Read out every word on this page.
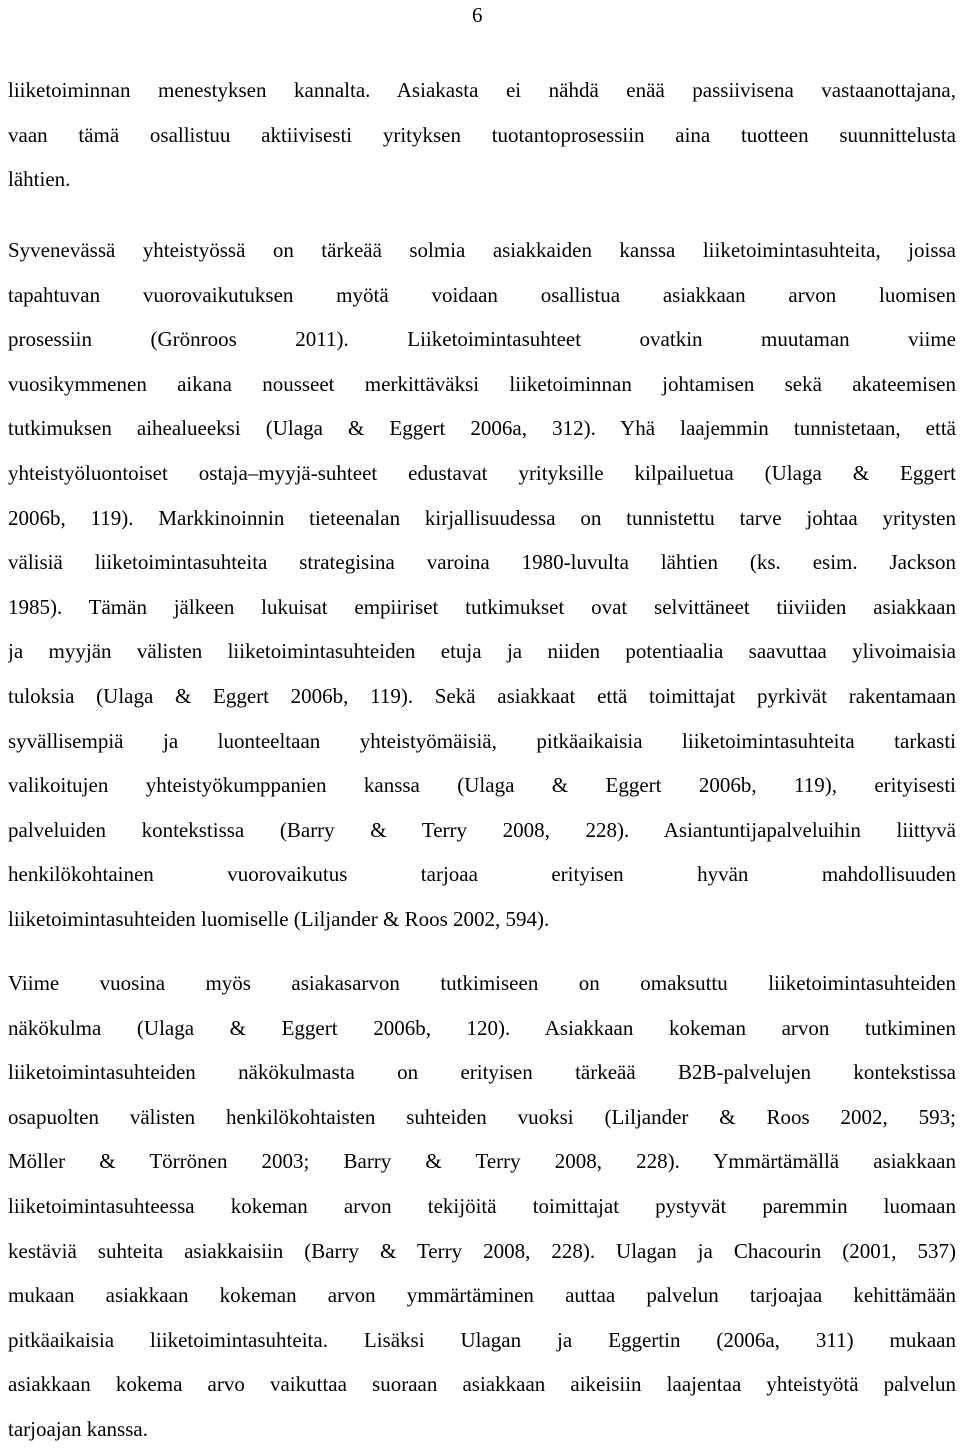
6
liiketoiminnan menestyksen kannalta. Asiakasta ei nähdä enää passiivisena vastaanottajana,
vaan tämä osallistuu aktiivisesti yrityksen tuotantoprosessiin aina tuotteen suunnittelusta
lähtien.
Syvenevässä yhteistyössä on tärkeää solmia asiakkaiden kanssa liiketoimintasuhteita, joissa
tapahtuvan vuorovaikutuksen myötä voidaan osallistua asiakkaan arvon luomisen
prosessiin (Grönroos 2011). Liiketoimintasuhteet ovatkin muutaman viime
vuosikymmenen aikana nousseet merkittäväksi liiketoiminnan johtamisen sekä akateemisen
tutkimuksen aihealueeksi (Ulaga & Eggert 2006a, 312). Yhä laajemmin tunnistetaan, että
yhteistyöluontoiset ostaja–myyjä-suhteet edustavat yrityksille kilpailuetua (Ulaga & Eggert
2006b, 119). Markkinoinnin tieteenalan kirjallisuudessa on tunnistettu tarve johtaa yritysten
välisiä liiketoimintasuhteita strategisina varoina 1980-luvulta lähtien (ks. esim. Jackson
1985). Tämän jälkeen lukuisat empiiriset tutkimukset ovat selvittäneet tiiviiden asiakkaan
ja myyjän välisten liiketoimintasuhteiden etuja ja niiden potentiaalia saavuttaa ylivoimaisia
tuloksia (Ulaga & Eggert 2006b, 119). Sekä asiakkaat että toimittajat pyrkivät rakentamaan
syvällisempiä ja luonteeltaan yhteistyömäisiä, pitkäaikaisia liiketoimintasuhteita tarkasti
valikoitujen yhteistyökumppanien kanssa (Ulaga & Eggert 2006b, 119), erityisesti
palveluiden kontekstissa (Barry & Terry 2008, 228). Asiantuntijapalveluihin liittyvä
henkilökohtainen vuorovaikutus tarjoaa erityisen hyvän mahdollisuuden
liiketoimintasuhteiden luomiselle (Liljander & Roos 2002, 594).
Viime vuosina myös asiakasarvon tutkimiseen on omaksuttu liiketoimintasuhteiden
näkökulma (Ulaga & Eggert 2006b, 120). Asiakkaan kokeman arvon tutkiminen
liiketoimintasuhteiden näkökulmasta on erityisen tärkeää B2B-palvelujen kontekstissa
osapuolten välisten henkilökohtaisten suhteiden vuoksi (Liljander & Roos 2002, 593;
Möller & Törrönen 2003; Barry & Terry 2008, 228). Ymmärtämällä asiakkaan
liiketoimintasuhteessa kokeman arvon tekijöitä toimittajat pystyvät paremmin luomaan
kestäviä suhteita asiakkaisiin (Barry & Terry 2008, 228). Ulagan ja Chacourin (2001, 537)
mukaan asiakkaan kokeman arvon ymmärtäminen auttaa palvelun tarjoajaa kehittämään
pitkäaikaisia liiketoimintasuhteita. Lisäksi Ulagan ja Eggertin (2006a, 311) mukaan
asiakkaan kokema arvo vaikuttaa suoraan asiakkaan aikeisiin laajentaa yhteistyötä palvelun
tarjoajan kanssa.
